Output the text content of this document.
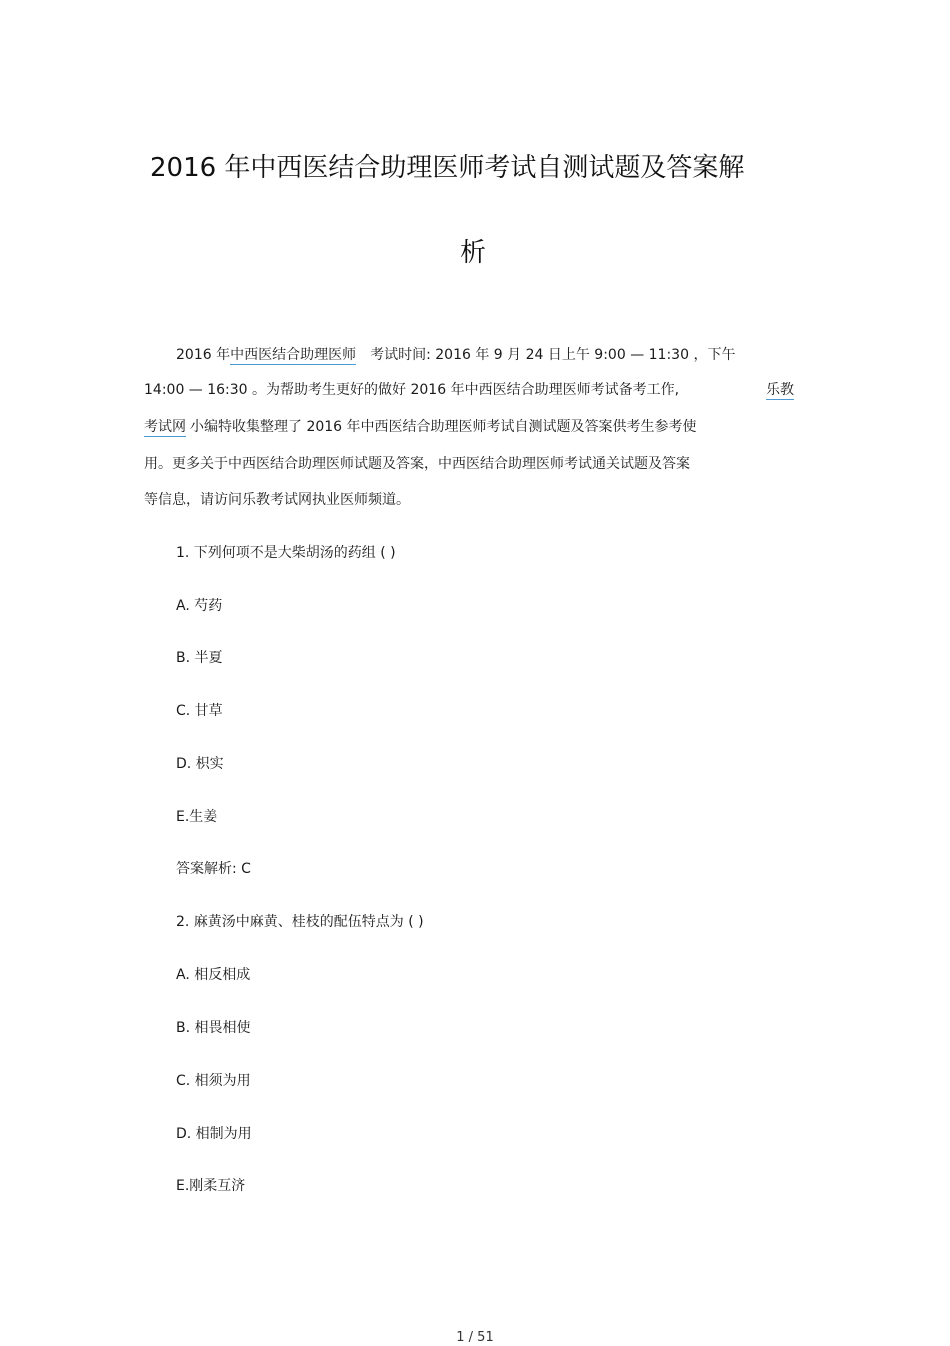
2016 年中西医结合助理医师考试自测试题及答案解
析
2016 年中西医结合助理医师 考试时间: 2016 年 9 月 24 日上午 9:00 — 11:30 ，下午
14:00 — 16:30 。为帮助考生更好的做好 2016 年中西医结合助理医师考试备考工作,	乐教
考试网 小编特收集整理了 2016 年中西医结合助理医师考试自测试题及答案供考生参考使
用。更多关于中西医结合助理医师试题及答案，中西医结合助理医师考试通关试题及答案
等信息，请访问乐教考试网执业医师频道。
1. 下列何项不是大柴胡汤的药组 ( )
A. 芍药
B. 半夏
C. 甘草
D. 枳实
E.生姜
答案解析: C
2. 麻黄汤中麻黄、桂枝的配伍特点为 ( )
A. 相反相成
B. 相畏相使
C. 相须为用
D. 相制为用
E.刚柔互济
1 / 51
